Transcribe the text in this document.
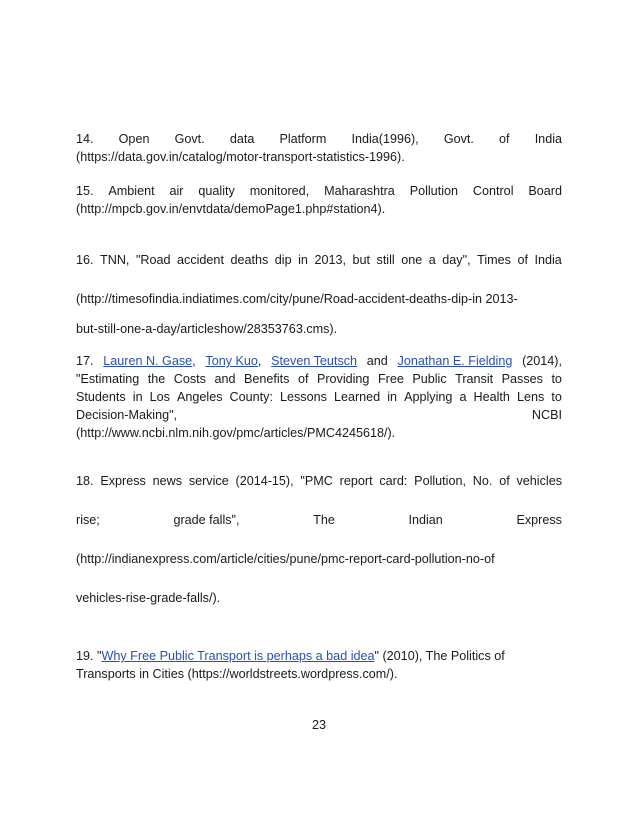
14. Open Govt. data Platform India(1996), Govt. of India
(https://data.gov.in/catalog/motor-transport-statistics-1996).
15. Ambient air quality monitored, Maharashtra Pollution Control Board
(http://mpcb.gov.in/envtdata/demoPage1.php#station4).
16. TNN, "Road accident deaths dip in 2013, but still one a day", Times of India
(http://timesofindia.indiatimes.com/city/pune/Road-accident-deaths-dip-in 2013-
but-still-one-a-day/articleshow/28353763.cms).
17. Lauren N. Gase, Tony Kuo, Steven Teutsch and Jonathan E. Fielding (2014),
"Estimating the Costs and Benefits of Providing Free Public Transit Passes to
Students in Los Angeles County: Lessons Learned in Applying a Health Lens to
Decision-Making",	NCBI
(http://www.ncbi.nlm.nih.gov/pmc/articles/PMC4245618/).
18. Express news service (2014-15), "PMC report card: Pollution, No. of vehicles
rise;	grade falls",	The	Indian	Express
(http://indianexpress.com/article/cities/pune/pmc-report-card-pollution-no-of
vehicles-rise-grade-falls/).
19. "Why Free Public Transport is perhaps a bad idea" (2010), The Politics of
Transports in Cities (https://worldstreets.wordpress.com/).
23
